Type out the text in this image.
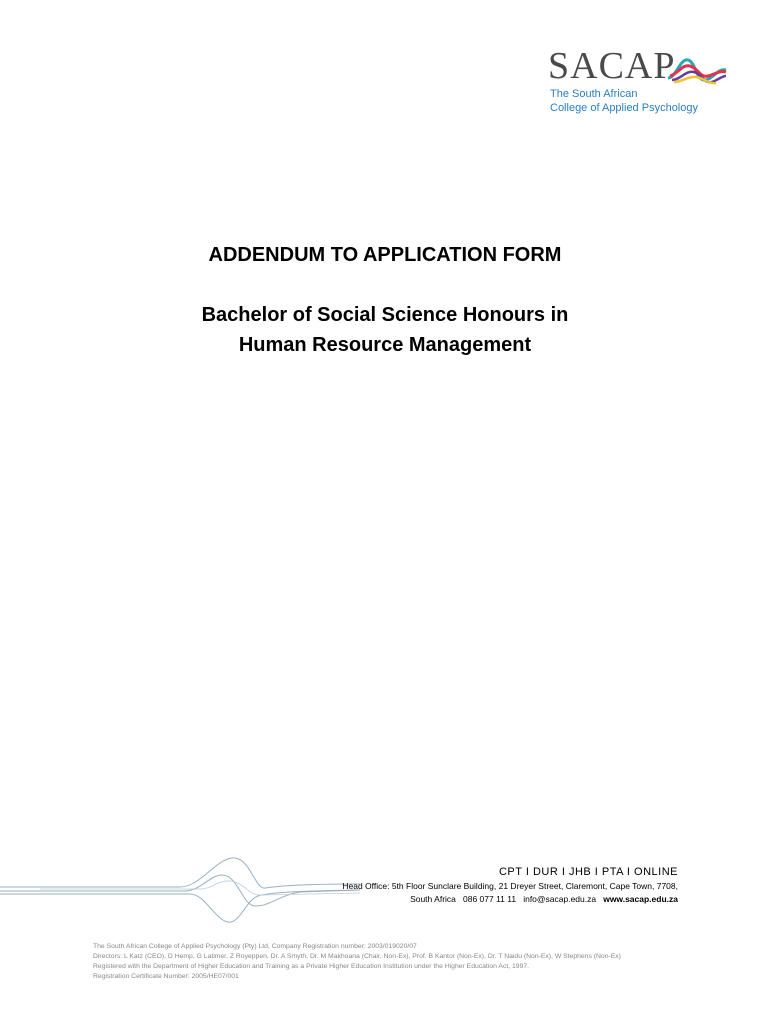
SACAP
The South African
College of Applied Psychology
ADDENDUM TO APPLICATION FORM
Bachelor of Social Science Honours in
Human Resource Management
CPT I DUR I JHB I PTA I ONLINE
Head Office: 5th Floor Sunclare Building, 21 Dreyer Street, Claremont, Cape Town, 7708,
South Africa 086 077 11 11 info@sacap.edu.za www.sacap.edu.za
The South African College of Applied Psychology (Pty) Ltd, Company Registration number: 2003/019020/07
Directors: L Katz (CEO), D Hemp, G Latimer, Z Royeppen, Dr. A Smyth, Dr. M Makhoana (Chair, Non-Ex), Prof. B Kantor (Non-Ex), Dr. T Naidu (Non-Ex), W Stephens (Non-Ex)
Registered with the Department of Higher Education and Training as a Private Higher Education Institution under the Higher Education Act, 1997.
Registration Certificate Number: 2005/HE07/001
